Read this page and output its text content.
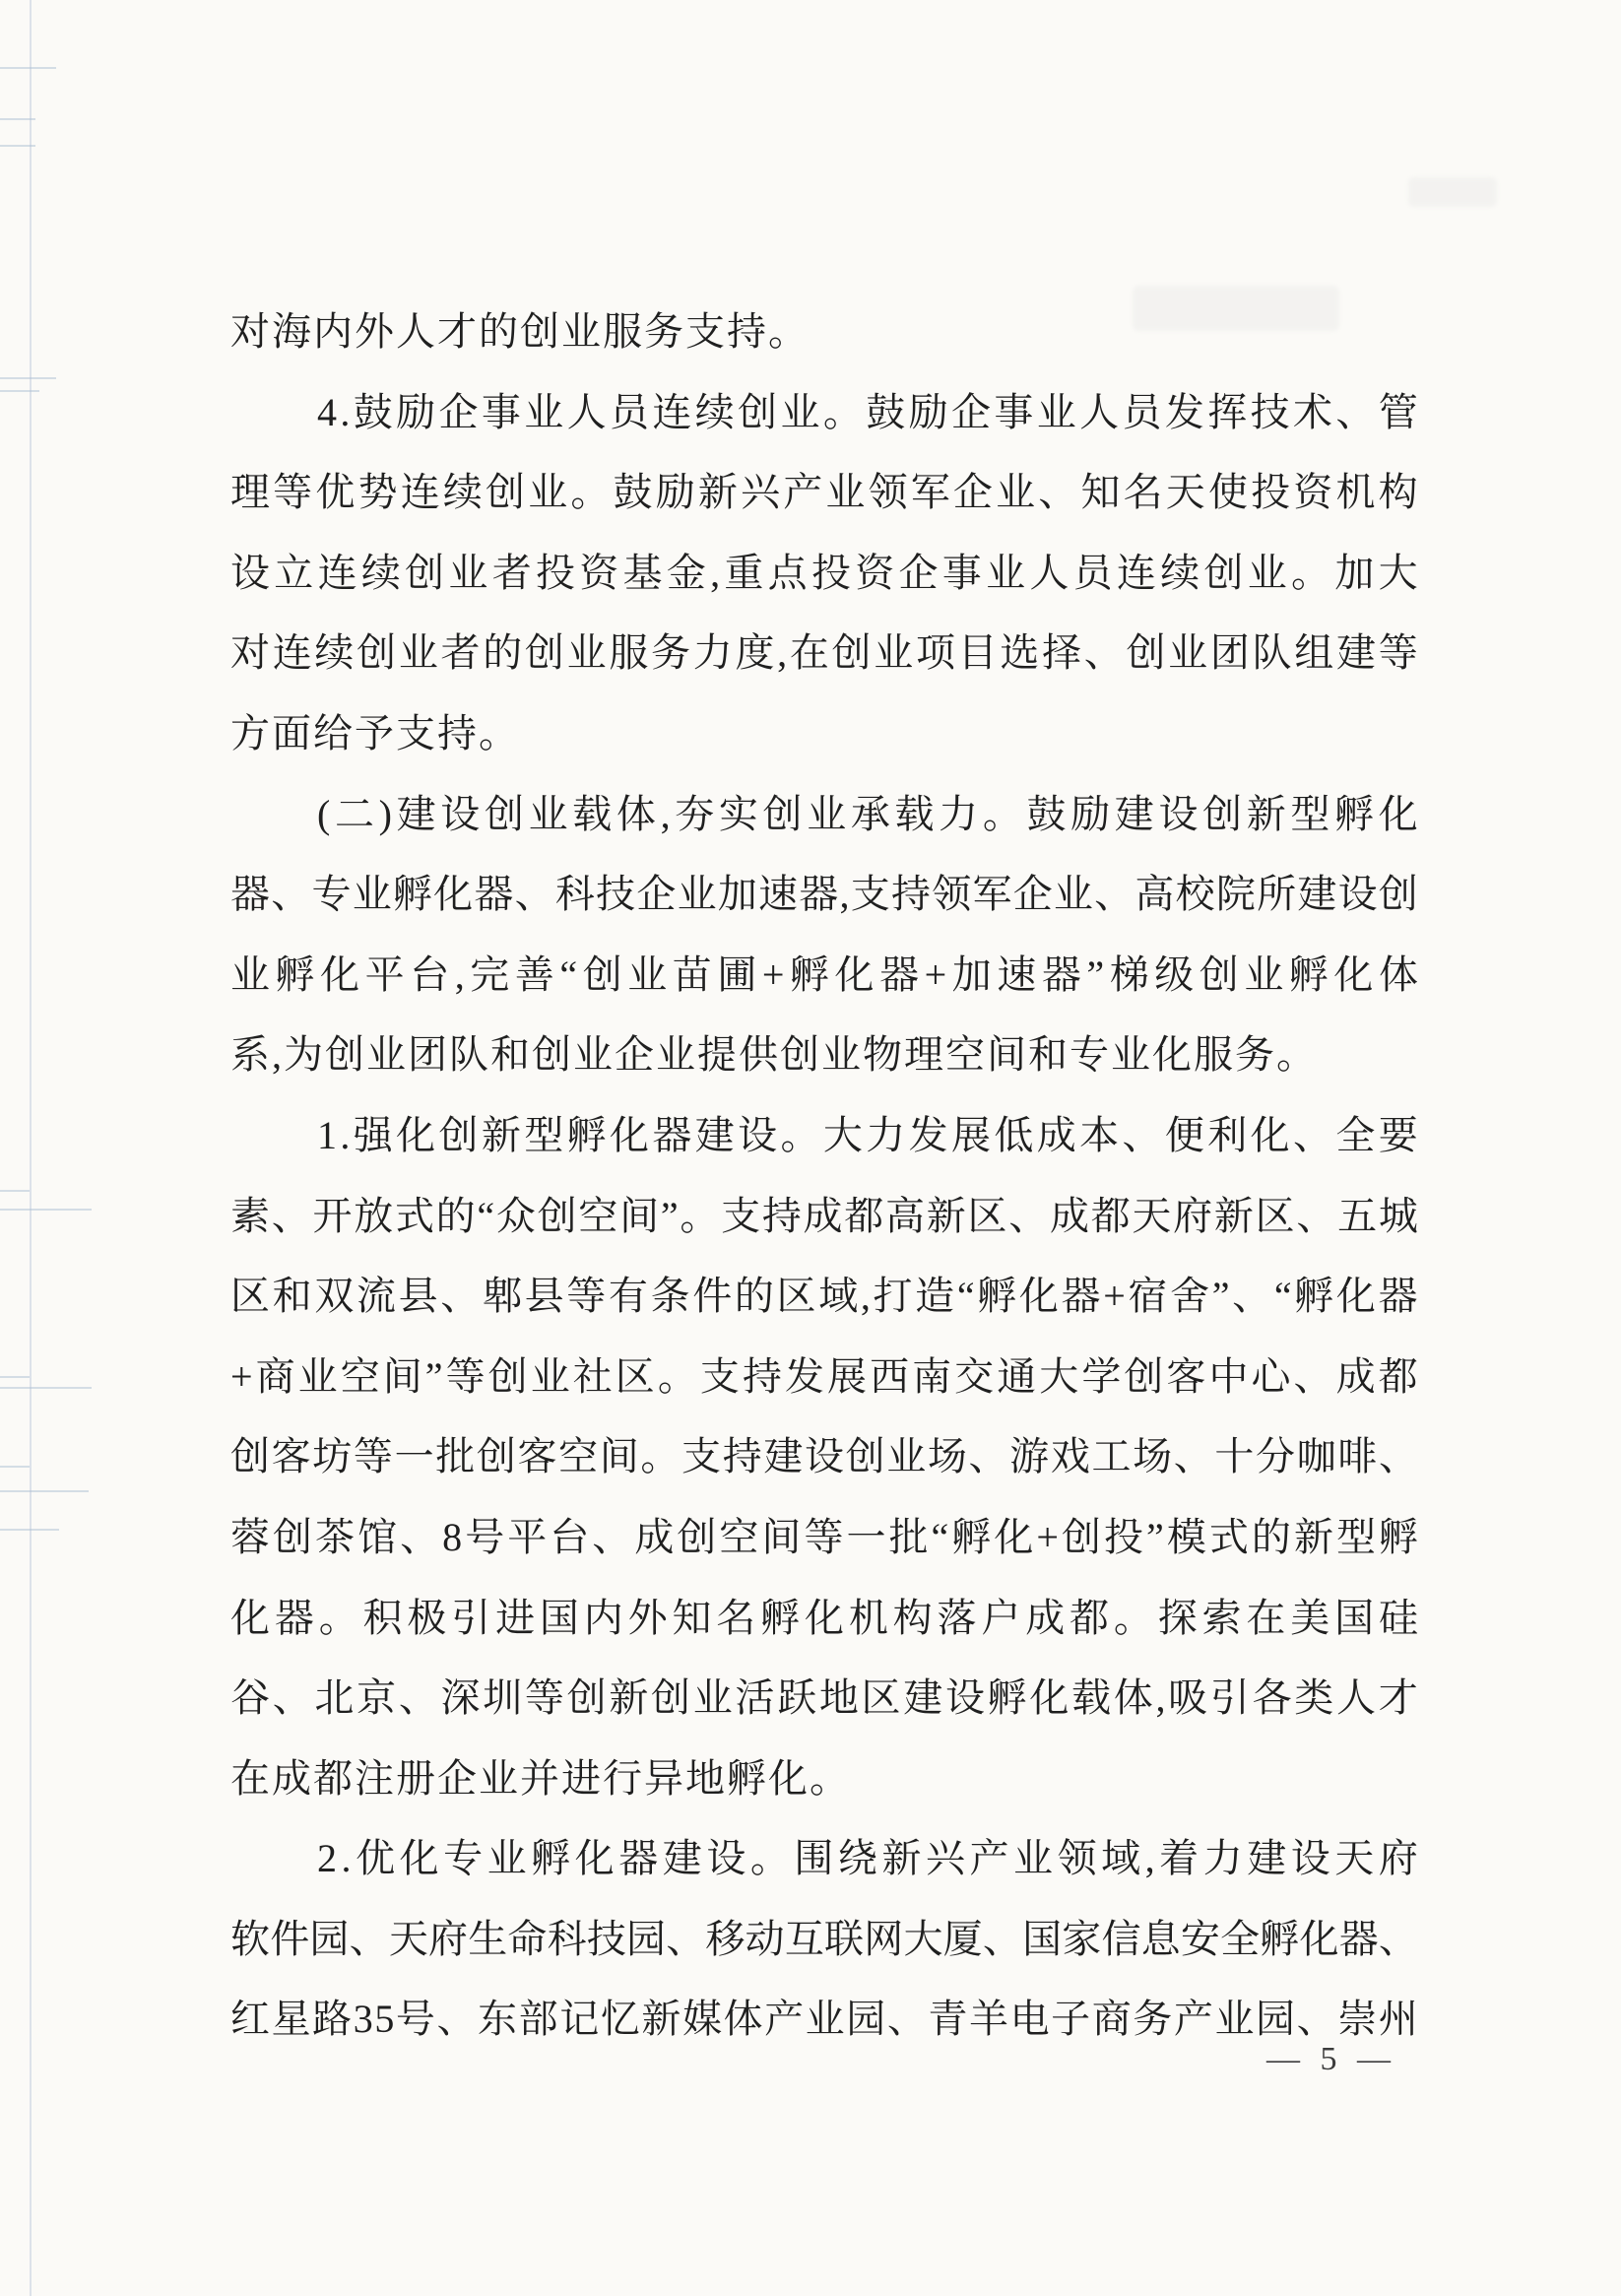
对海内外人才的创业服务支持。
4 . 鼓 励 企 事 业 人 员 连 续 创 业 。 鼓 励 企 事 业 人 员 发 挥 技 术 、 管
理 等 优 势 连 续 创 业 。 鼓 励 新 兴 产 业 领 军 企 业 、 知 名 天 使 投 资 机 构
设 立 连 续 创 业 者 投 资 基 金 , 重 点 投 资 企 事 业 人 员 连 续 创 业 。 加 大
对 连 续 创 业 者 的 创 业 服 务 力 度 , 在 创 业 项 目 选 择 、 创 业 团 队 组 建 等
方面给予支持。
( 二 ) 建 设 创 业 载 体 , 夯 实 创 业 承 载 力 。 鼓 励 建 设 创 新 型 孵 化
器 、 专 业 孵 化 器 、 科 技 企 业 加 速 器 , 支 持 领 军 企 业 、 高 校 院 所 建 设 创
业 孵 化 平 台 , 完 善 “ 创 业 苗 圃 + 孵 化 器 + 加 速 器 ” 梯 级 创 业 孵 化 体
系,为创业团队和创业企业提供创业物理空间和专业化服务。
1 . 强 化 创 新 型 孵 化 器 建 设 。 大 力 发 展 低 成 本 、 便 利 化 、 全 要
素 、 开 放 式 的 “ 众 创 空 间 ” 。 支 持 成 都 高 新 区 、 成 都 天 府 新 区 、 五 城
区 和 双 流 县 、 郫 县 等 有 条 件 的 区 域 , 打 造 “ 孵 化 器 + 宿 舍 ” 、 “ 孵 化 器
+ 商 业 空 间 ” 等 创 业 社 区 。 支 持 发 展 西 南 交 通 大 学 创 客 中 心 、 成 都
创 客 坊 等 一 批 创 客 空 间 。 支 持 建 设 创 业 场 、 游 戏 工 场 、 十 分 咖 啡 、
蓉 创 茶 馆 、 8 号 平 台 、 成 创 空 间 等 一 批 “ 孵 化 + 创 投 ” 模 式 的 新 型 孵
化 器 。 积 极 引 进 国 内 外 知 名 孵 化 机 构 落 户 成 都 。 探 索 在 美 国 硅
谷 、 北 京 、 深 圳 等 创 新 创 业 活 跃 地 区 建 设 孵 化 载 体 , 吸 引 各 类 人 才
在成都注册企业并进行异地孵化。
2 . 优 化 专 业 孵 化 器 建 设 。 围 绕 新 兴 产 业 领 域 , 着 力 建 设 天 府
软 件 园 、 天 府 生 命 科 技 园 、 移 动 互 联 网 大 厦 、 国 家 信 息 安 全 孵 化 器 、
红 星 路 3 5 号 、 东 部 记 忆 新 媒 体 产 业 园 、 青 羊 电 子 商 务 产 业 园 、 崇 州
— 5 —
